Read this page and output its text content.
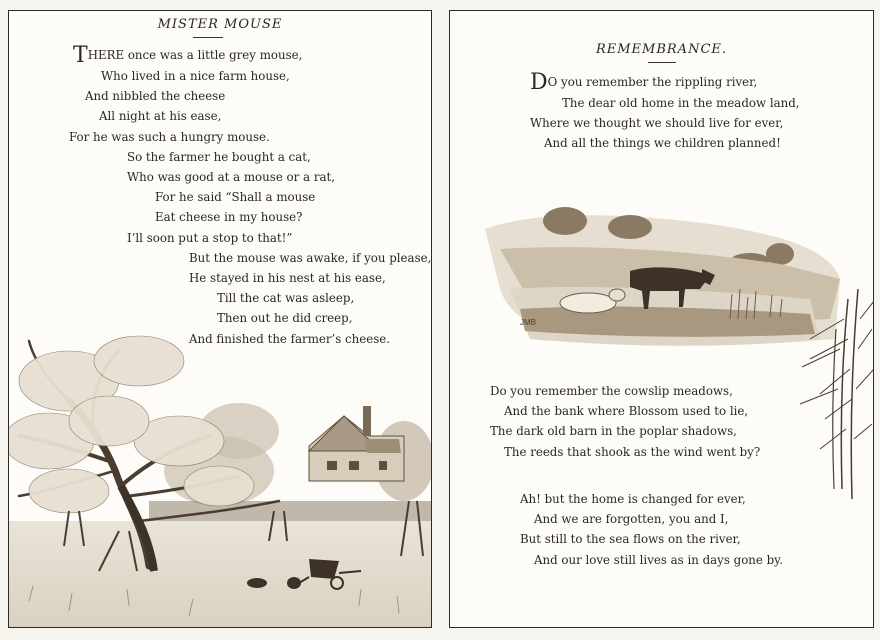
MISTER MOUSE
THERE once was a little grey mouse,
Who lived in a nice farm house,
And nibbled the cheese
All night at his ease,
For he was such a hungry mouse.
So the farmer he bought a cat,
Who was good at a mouse or a rat,
For he said “Shall a mouse
Eat cheese in my house?
I’ll soon put a stop to that!”
But the mouse was awake, if you please,
He stayed in his nest at his ease,
Till the cat was asleep,
Then out he did creep,
And finished the farmer’s cheese.
REMEMBRANCE.
DO you remember the rippling river,
The dear old home in the meadow land,
Where we thought we should live for ever,
And all the things we children planned!
JMB
Do you remember the cowslip meadows,
And the bank where Blossom used to lie,
The dark old barn in the poplar shadows,
The reeds that shook as the wind went by?
Ah! but the home is changed for ever,
And we are forgotten, you and I,
But still to the sea flows on the river,
And our love still lives as in days gone by.
